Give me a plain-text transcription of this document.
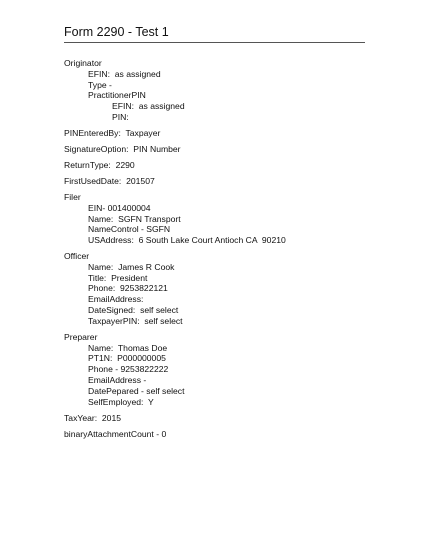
Form 2290 - Test 1
Originator
EFIN:  as assigned
Type -
PractitionerPIN
EFIN:  as assigned
PIN:
PINEnteredBy:  Taxpayer
SignatureOption:  PIN Number
ReturnType:  2290
FirstUsedDate:  201507
Filer
EIN- 001400004
Name:  SGFN Transport
NameControl - SGFN
USAddress:  6 South Lake Court Antioch CA  90210
Officer
Name:  James R Cook
Title:  President
Phone:  9253822121
EmailAddress:
DateSigned:  self select
TaxpayerPIN:  self select
Preparer
Name:  Thomas Doe
PT1N:  P000000005
Phone - 9253822222
EmailAddress -
DatePepared - self select
SelfEmployed:  Y
TaxYear:  2015
binaryAttachmentCount - 0
